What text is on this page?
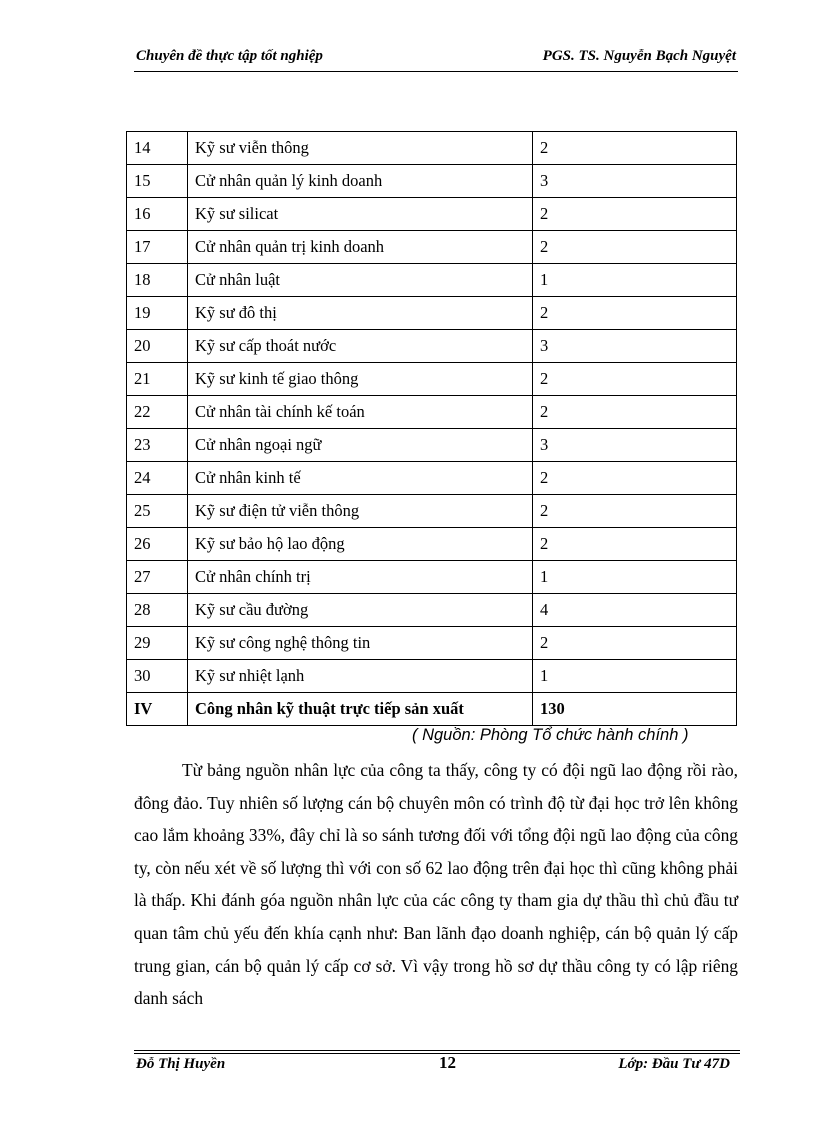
Chuyên đề thực tập tốt nghiệp	PGS. TS. Nguyễn Bạch Nguyệt
14	Kỹ sư viễn thông	2
15	Cử nhân quản lý kinh doanh	3
16	Kỹ sư silicat	2
17	Cử nhân quản trị kinh doanh	2
18	Cử nhân luật	1
19	Kỹ sư đô thị	2
20	Kỹ sư cấp thoát nước	3
21	Kỹ sư kinh tế giao thông	2
22	Cử nhân tài chính kế toán	2
23	Cử nhân ngoại ngữ	3
24	Cử nhân kinh tế	2
25	Kỹ sư điện tử viễn thông	2
26	Kỹ sư bảo hộ lao động	2
27	Cử nhân chính trị	1
28	Kỹ sư cầu đường	4
29	Kỹ sư công nghệ thông tin	2
30	Kỹ sư nhiệt lạnh	1
IV	Công nhân kỹ thuật trực tiếp sản xuất	130
( Nguồn: Phòng Tổ chức hành chính )

Từ bảng nguồn nhân lực của công ta thấy, công ty có đội ngũ lao động rồi rào, đông đảo. Tuy nhiên số lượng cán bộ chuyên môn có trình độ từ đại học trở lên không cao lắm khoảng 33%, đây chỉ là so sánh tương đối với tổng đội ngũ lao động của công ty, còn nếu xét về số lượng thì với con số 62 lao động trên đại học thì cũng không phải là thấp. Khi đánh góa nguồn nhân lực của các công ty tham gia dự thầu thì chủ đầu tư quan tâm chủ yếu đến khía cạnh như: Ban lãnh đạo doanh nghiệp, cán bộ quản lý cấp trung gian, cán bộ quản lý cấp cơ sở. Vì vậy trong hồ sơ dự thầu công ty có lập riêng danh sách

Đỗ Thị Huyền	12	Lớp: Đầu Tư 47D
